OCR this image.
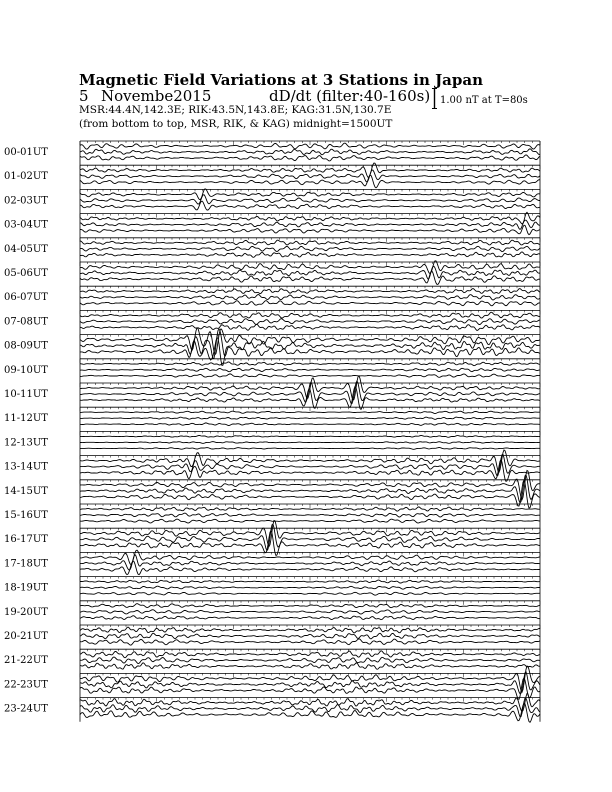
Magnetic Field Variations at 3 Stations in Japan
5 Novembe2015	dD/dt (filter:40-160s)
MSR:44.4N,142.3E; RIK:43.5N,143.8E; KAG:31.5N,130.7E
(from bottom to top, MSR, RIK, & KAG) midnight=1500UT
1.00 nT at T=80s
00-01UT
01-02UT
02-03UT
03-04UT
04-05UT
05-06UT
06-07UT
07-08UT
08-09UT
09-10UT
10-11UT
11-12UT
12-13UT
13-14UT
14-15UT
15-16UT
16-17UT
17-18UT
18-19UT
19-20UT
20-21UT
21-22UT
22-23UT
23-24UT
